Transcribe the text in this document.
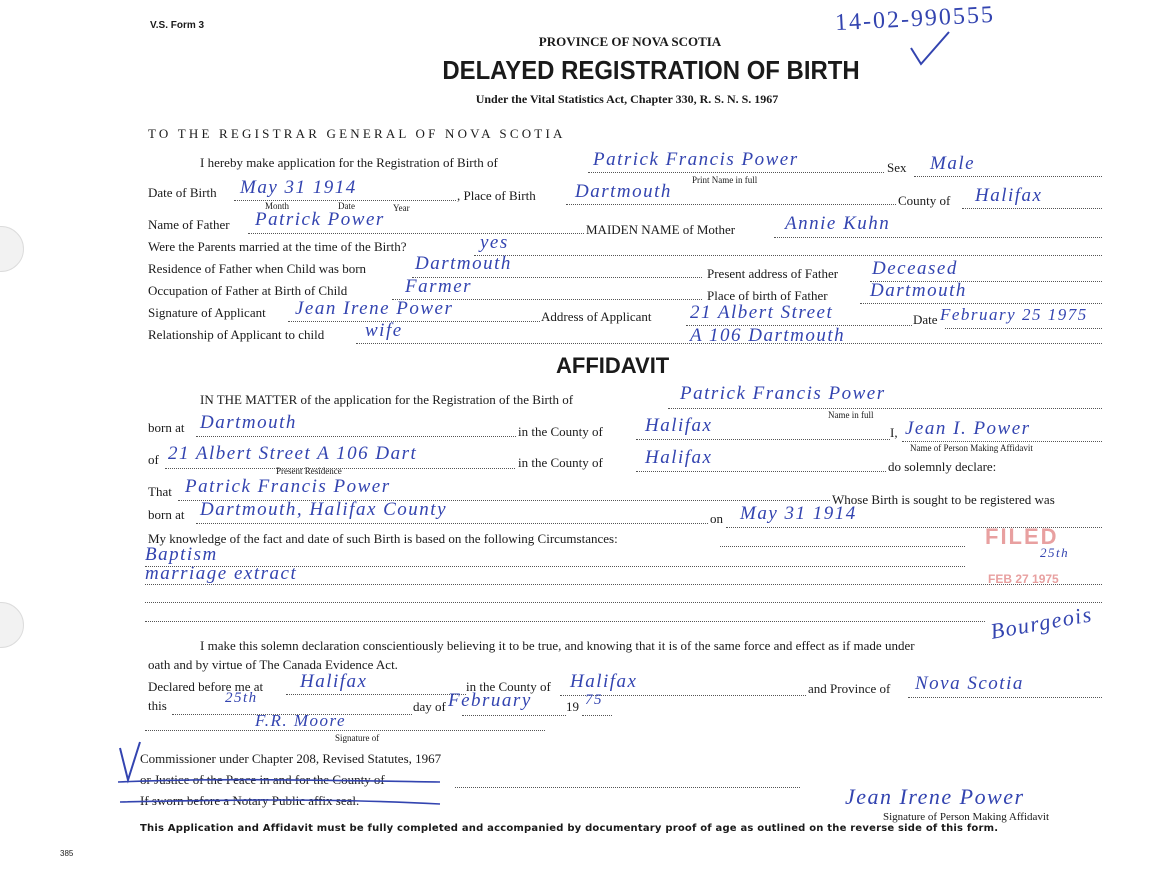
V.S. Form 3	14-02-990555
PROVINCE OF NOVA SCOTIA
DELAYED REGISTRATION OF BIRTH
Under the Vital Statistics Act, Chapter 330, R. S. N. S. 1967
TO THE REGISTRAR GENERAL OF NOVA SCOTIA
I hereby make application for the Registration of Birth of	Patrick Francis Power
Print Name in full
Sex Male
Date of Birth May 31 1914
Month	Date	Year
, Place of Birth Dartmouth	County of Halifax
Name of Father Patrick Power	MAIDEN NAME of Mother	Annie Kuhn
Were the Parents married at the time of the Birth?	yes
Residence of Father when Child was born	Dartmouth	Present address of Father Deceased
Occupation of Father at Birth of Child	Farmer	Place of birth of Father Dartmouth
Signature of Applicant Jean Irene Power	Address of Applicant 21 Albert Street	Date February 25 1975
Relationship of Applicant to child wife	A 106 Dartmouth
AFFIDAVIT
IN THE MATTER of the application for the Registration of the Birth of	Patrick Francis Power
Name in full
born at Dartmouth	in the County of Halifax	I, Jean I. Power
Name of Person Making Affidavit
of 21 Albert Street A 106 Dart
Present Residence
in the County of Halifax	do solemnly declare:
That Patrick Francis Power
Whose Birth is sought to be registered was
born at Dartmouth, Halifax County	on May 31 1914
My knowledge of the fact and date of such Birth is based on the following Circumstances:
Baptism
marriage extract
FILED
25th
FEB 27 1975
Bourgeois
I make this solemn declaration conscientiously believing it to be true, and knowing that it is of the same force and effect as if made under
oath and by virtue of The Canada Evidence Act.
Declared before me at Halifax	in the County of Halifax	and Province of Nova Scotia
this	25th
day of February	19 75
F.R. Moore
Signature of
Commissioner under Chapter 208, Revised Statutes, 1967
or Justice of the Peace in and for the County of
If sworn before a Notary Public affix seal.	Jean Irene Power
Signature of Person Making Affidavit
This Application and Affidavit must be fully completed and accompanied by documentary proof of age as outlined on the reverse side of this form.
385
